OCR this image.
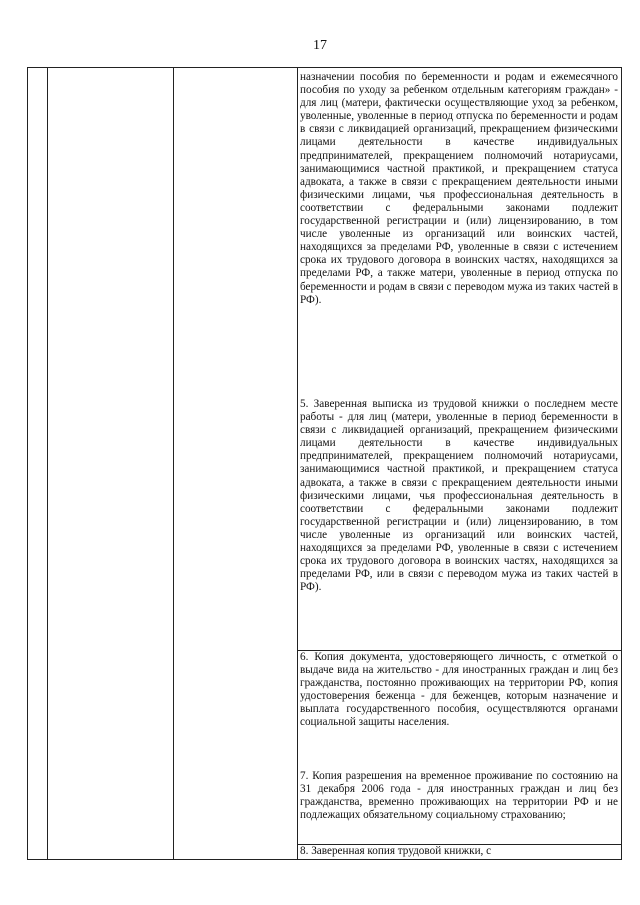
17
назначении пособия по беременности и родам и ежемесячного пособия по уходу за ребенком отдельным категориям граждан» - для лиц (матери, фактически осуществляющие уход за ребенком, уволенные, уволенные в период отпуска по беременности и родам в связи с ликвидацией организаций, прекращением физическими лицами деятельности в качестве индивидуальных предпринимателей, прекращением полномочий нотариусами, занимающимися частной практикой, и прекращением статуса адвоката, а также в связи с прекращением деятельности иными физическими лицами, чья профессиональная деятельность в соответствии с федеральными законами подлежит государственной регистрации и (или) лицензированию, в том числе уволенные из организаций или воинских частей, находящихся за пределами РФ, уволенные в связи с истечением срока их трудового договора в воинских частях, находящихся за пределами РФ, а также матери, уволенные в период отпуска по беременности и родам в связи с переводом мужа из таких частей в РФ).
5. Заверенная выписка из трудовой книжки о последнем месте работы - для лиц (матери, уволенные в период беременности в связи с ликвидацией организаций, прекращением физическими лицами деятельности в качестве индивидуальных предпринимателей, прекращением полномочий нотариусами, занимающимися частной практикой, и прекращением статуса адвоката, а также в связи с прекращением деятельности иными физическими лицами, чья профессиональная деятельность в соответствии с федеральными законами подлежит государственной регистрации и (или) лицензированию, в том числе уволенные из организаций или воинских частей, находящихся за пределами РФ, уволенные в связи с истечением срока их трудового договора в воинских частях, находящихся за пределами РФ, или в связи с переводом мужа из таких частей в РФ).
6. Копия документа, удостоверяющего личность, с отметкой о выдаче вида на жительство - для иностранных граждан и лиц без гражданства, постоянно проживающих на территории РФ, копия удостоверения беженца - для беженцев, которым назначение и выплата государственного пособия, осуществляются органами социальной защиты населения.
7. Копия разрешения на временное проживание по состоянию на 31 декабря 2006 года - для иностранных граждан и лиц без гражданства, временно проживающих на территории РФ и не подлежащих обязательному социальному страхованию;
8. Заверенная копия трудовой книжки, с
